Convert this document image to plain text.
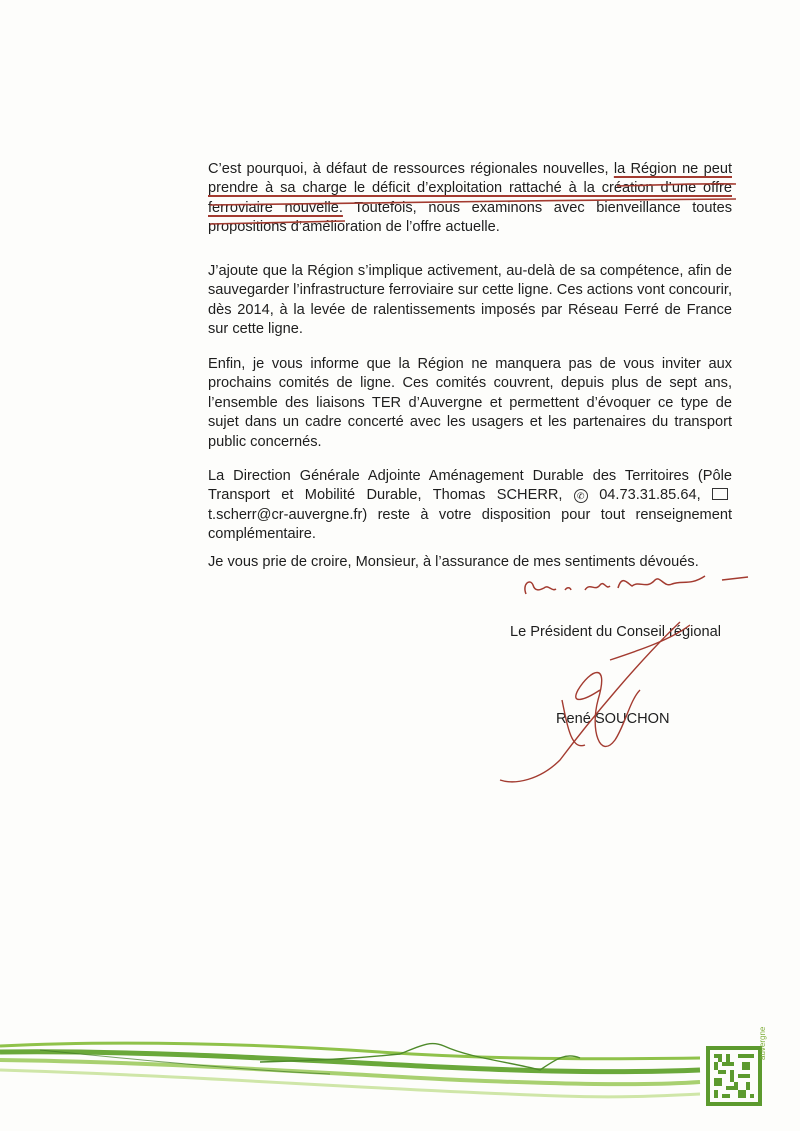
C’est pourquoi, à défaut de ressources régionales nouvelles, la Région ne peut prendre à sa charge le déficit d’exploitation rattaché à la création d’une offre ferroviaire nouvelle. Toutefois, nous examinons avec bienveillance toutes propositions d’amélioration de l’offre actuelle.

J’ajoute que la Région s’implique activement, au-delà de sa compétence, afin de sauvegarder l’infrastructure ferroviaire sur cette ligne. Ces actions vont concourir, dès 2014, à la levée de ralentissements imposés par Réseau Ferré de France sur cette ligne.

Enfin, je vous informe que la Région ne manquera pas de vous inviter aux prochains comités de ligne. Ces comités couvrent, depuis plus de sept ans, l’ensemble des liaisons TER d’Auvergne et permettent d’évoquer ce type de sujet dans un cadre concerté avec les usagers et les partenaires du transport public concernés.

La Direction Générale Adjointe Aménagement Durable des Territoires (Pôle Transport et Mobilité Durable, Thomas SCHERR, ✆ 04.73.31.85.64, t.scherr@cr-auvergne.fr) reste à votre disposition pour tout renseignement complémentaire.

Je vous prie de croire, Monsieur, à l’assurance de mes sentiments dévoués.

Le Président du Conseil régional
René SOUCHON
auvergne
